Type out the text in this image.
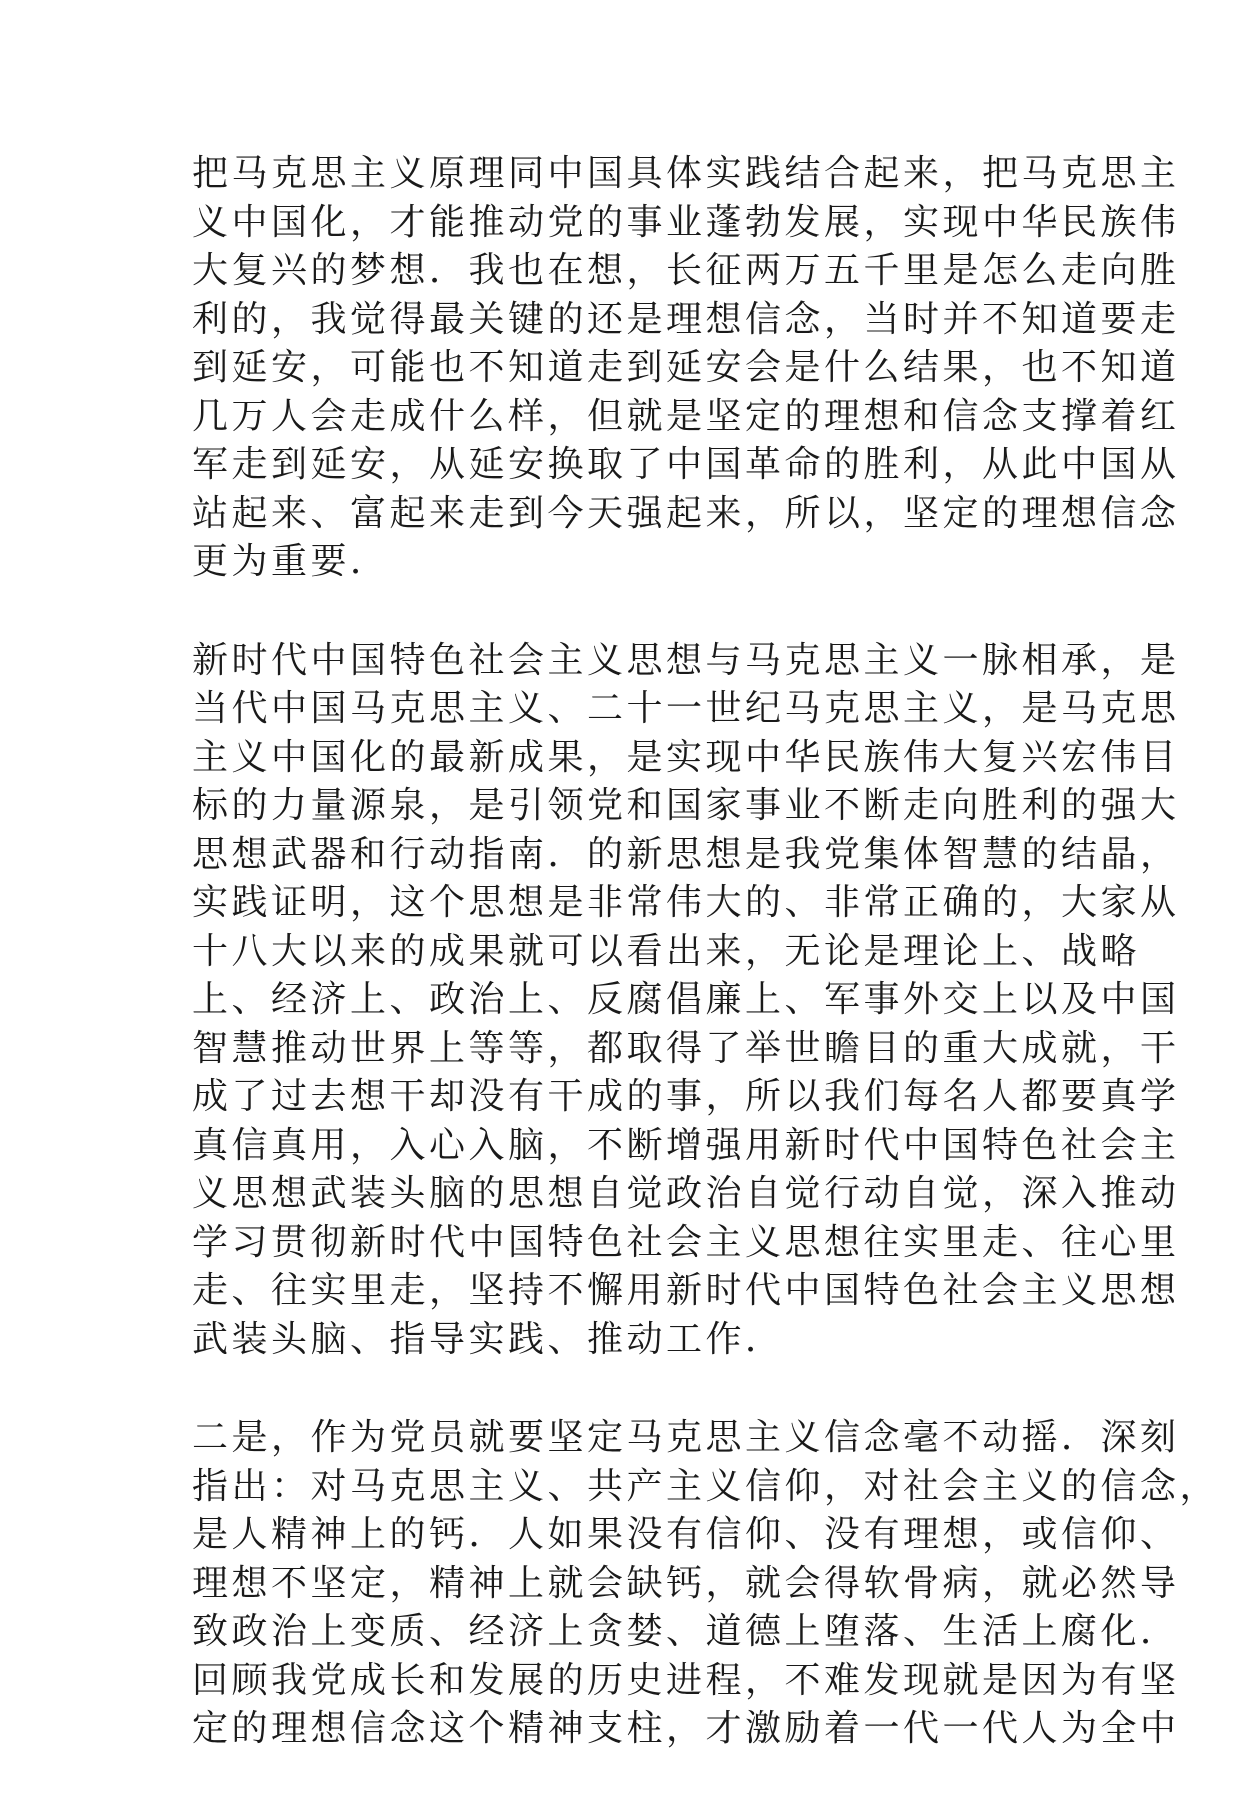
把马克思主义原理同中国具体实践结合起来，把马克思主
义中国化，才能推动党的事业蓬勃发展，实现中华民族伟
大复兴的梦想．我也在想，长征两万五千里是怎么走向胜
利的，我觉得最关键的还是理想信念，当时并不知道要走
到延安，可能也不知道走到延安会是什么结果，也不知道
几万人会走成什么样，但就是坚定的理想和信念支撑着红
军走到延安，从延安换取了中国革命的胜利，从此中国从
站起来、富起来走到今天强起来，所以，坚定的理想信念
更为重要．
新时代中国特色社会主义思想与马克思主义一脉相承，是
当代中国马克思主义、二十一世纪马克思主义，是马克思
主义中国化的最新成果，是实现中华民族伟大复兴宏伟目
标的力量源泉，是引领党和国家事业不断走向胜利的强大
思想武器和行动指南．的新思想是我党集体智慧的结晶，
实践证明，这个思想是非常伟大的、非常正确的，大家从
十八大以来的成果就可以看出来，无论是理论上、战略
上、经济上、政治上、反腐倡廉上、军事外交上以及中国
智慧推动世界上等等，都取得了举世瞻目的重大成就，干
成了过去想干却没有干成的事，所以我们每名人都要真学
真信真用，入心入脑，不断增强用新时代中国特色社会主
义思想武装头脑的思想自觉政治自觉行动自觉，深入推动
学习贯彻新时代中国特色社会主义思想往实里走、往心里
走、往实里走，坚持不懈用新时代中国特色社会主义思想
武装头脑、指导实践、推动工作．
二是，作为党员就要坚定马克思主义信念毫不动摇．深刻
指出：对马克思主义、共产主义信仰，对社会主义的信念，
是人精神上的钙．人如果没有信仰、没有理想，或信仰、
理想不坚定，精神上就会缺钙，就会得软骨病，就必然导
致政治上变质、经济上贪婪、道德上堕落、生活上腐化．
回顾我党成长和发展的历史进程，不难发现就是因为有坚
定的理想信念这个精神支柱，才激励着一代一代人为全中
